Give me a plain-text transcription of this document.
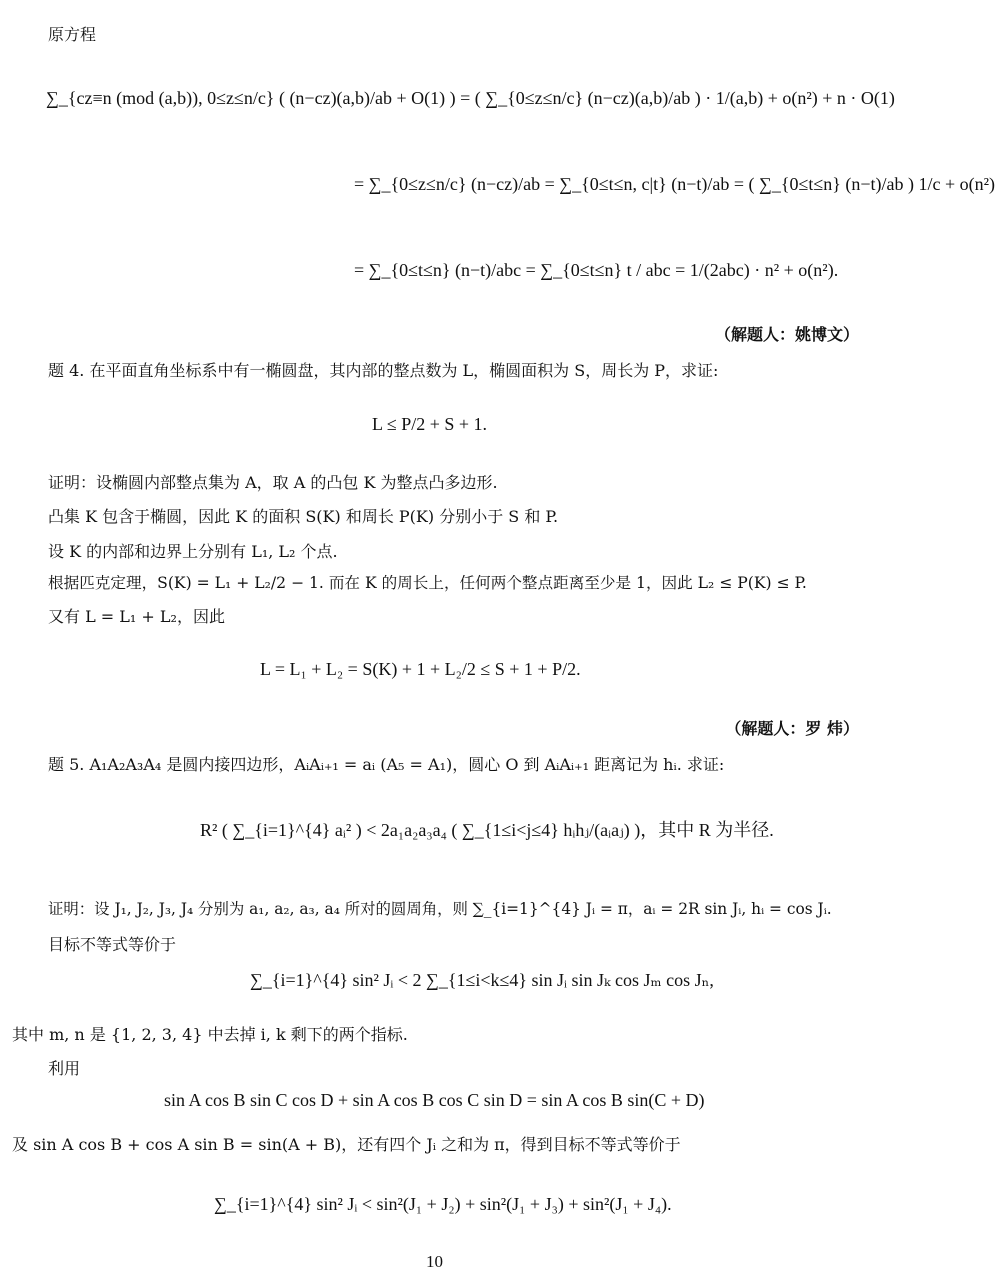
原方程
∑_{cz≡n (mod (a,b)), 0≤z≤n/c} ( (n−cz)(a,b)/ab + O(1) ) = ( ∑_{0≤z≤n/c} (n−cz)(a,b)/ab ) · 1/(a,b) + o(n²) + n · O(1)
= ∑_{0≤z≤n/c} (n−cz)/ab = ∑_{0≤t≤n, c|t} (n−t)/ab = ( ∑_{0≤t≤n} (n−t)/ab ) 1/c + o(n²)
= ∑_{0≤t≤n} (n−t)/abc = ∑_{0≤t≤n} t / abc = 1/(2abc) · n² + o(n²).
（解题人：姚博文）
题 4. 在平面直角坐标系中有一椭圆盘，其内部的整点数为 L，椭圆面积为 S，周长为 P，求证:
L ≤ P/2 + S + 1.
证明：设椭圆内部整点集为 A，取 A 的凸包 K 为整点凸多边形.
凸集 K 包含于椭圆，因此 K 的面积 S(K) 和周长 P(K) 分别小于 S 和 P.
设 K 的内部和边界上分别有 L₁, L₂ 个点.
根据匹克定理，S(K) = L₁ + L₂/2 − 1. 而在 K 的周长上，任何两个整点距离至少是 1，因此 L₂ ≤ P(K) ≤ P.
又有 L = L₁ + L₂，因此
L = L₁ + L₂ = S(K) + 1 + L₂/2 ≤ S + 1 + P/2.
（解题人：罗 炜）
题 5. A₁A₂A₃A₄ 是圆内接四边形，AᵢAᵢ₊₁ = aᵢ (A₅ = A₁)，圆心 O 到 AᵢAᵢ₊₁ 距离记为 hᵢ. 求证:
R² ( ∑_{i=1}^{4} aᵢ² ) < 2a₁a₂a₃a₄ ( ∑_{1≤i<j≤4} hᵢhⱼ/(aᵢaⱼ) )，其中 R 为半径.
证明：设 J₁, J₂, J₃, J₄ 分别为 a₁, a₂, a₃, a₄ 所对的圆周角，则 ∑_{i=1}^{4} Jᵢ = π，aᵢ = 2R sin Jᵢ, hᵢ = cos Jᵢ.
目标不等式等价于
∑_{i=1}^{4} sin² Jᵢ < 2 ∑_{1≤i<k≤4} sin Jᵢ sin Jₖ cos Jₘ cos Jₙ,
其中 m, n 是 {1, 2, 3, 4} 中去掉 i, k 剩下的两个指标.
利用
sin A cos B sin C cos D + sin A cos B cos C sin D = sin A cos B sin(C + D)
及 sin A cos B + cos A sin B = sin(A + B)，还有四个 Jᵢ 之和为 π，得到目标不等式等价于
∑_{i=1}^{4} sin² Jᵢ < sin²(J₁ + J₂) + sin²(J₁ + J₃) + sin²(J₁ + J₄).
10
